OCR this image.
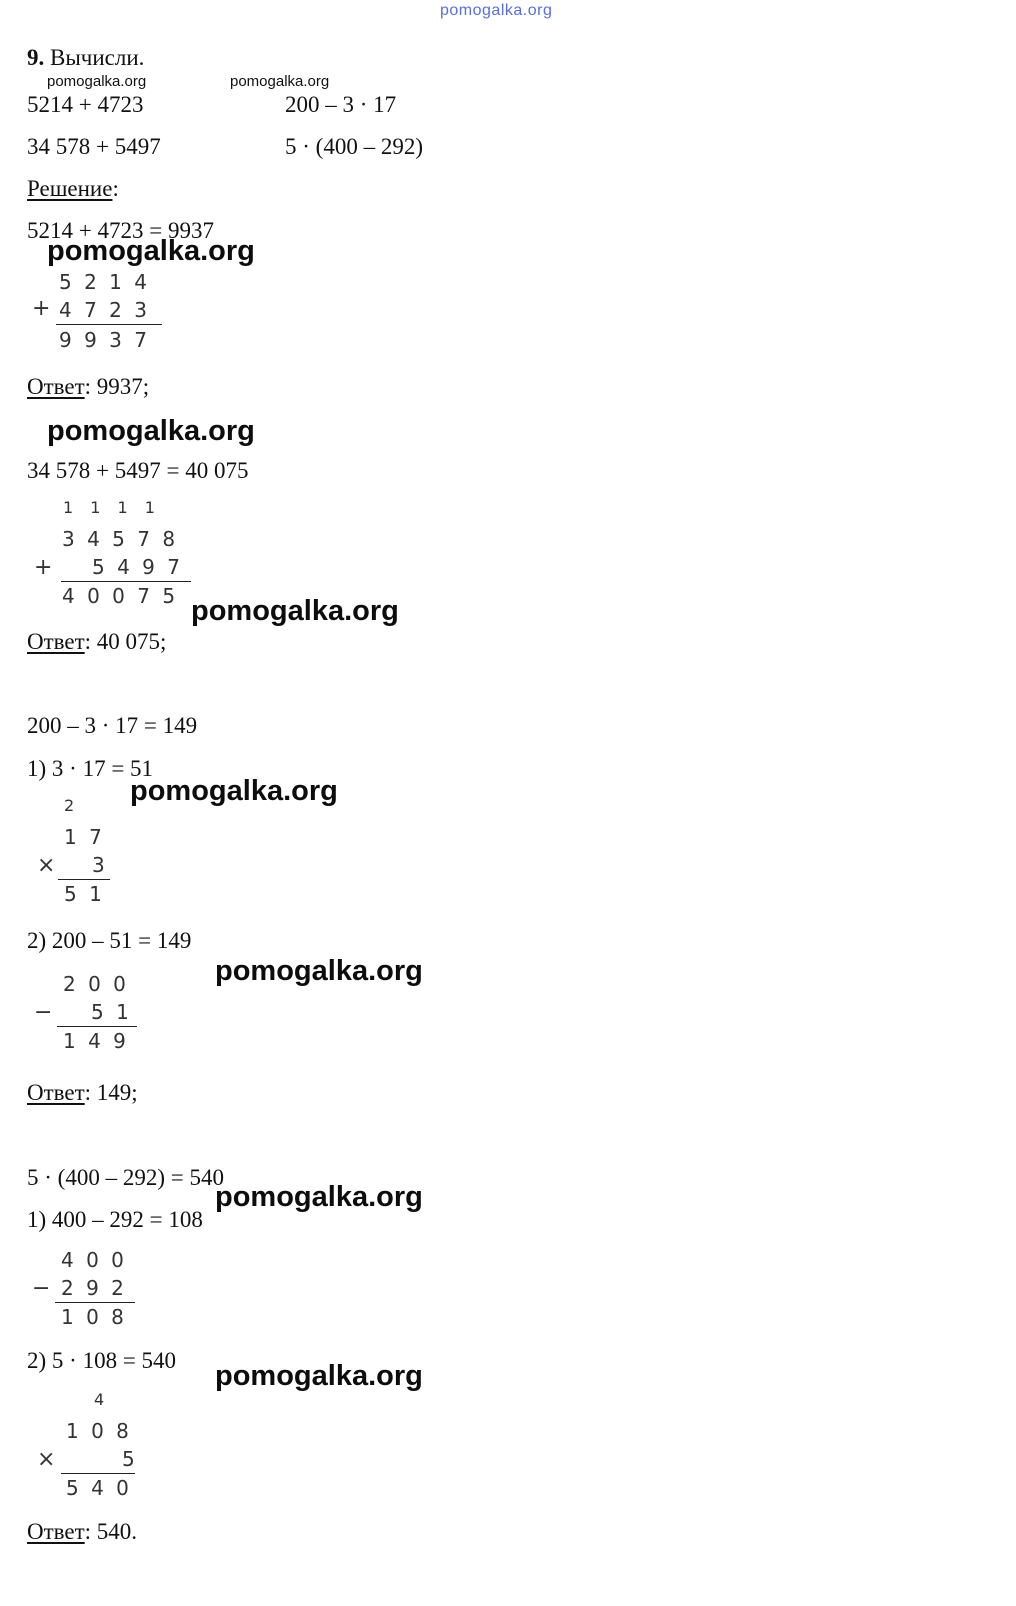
pomogalka.org
9. Вычисли.
pomogalka.org	pomogalka.org
5214 + 4723	200 – 3 · 17
34 578 + 5497	5 · (400 – 292)
Решение:
5214 + 4723 = 9937
pomogalka.org
+
5 2 1 4
4 7 2 3
9 9 3 7
Ответ: 9937;
pomogalka.org
34 578 + 5497 = 40 075
1 1 1 1
3 4 5 7 8
+ 5 4 9 7
4 0 0 7 5 pomogalka.org
Ответ: 40 075;
200 – 3 · 17 = 149
1) 3 · 17 = 51
pomogalka.org
2
1 7
× 3
5 1
2) 200 – 51 = 149
pomogalka.org
2 0 0
− 5 1
1 4 9
Ответ: 149;
5 · (400 – 292) = 540
pomogalka.org
1) 400 – 292 = 108
4 0 0
− 2 9 2
1 0 8
2) 5 · 108 = 540 pomogalka.org
4
1 0 8
×	5
5 4 0
Ответ: 540.
